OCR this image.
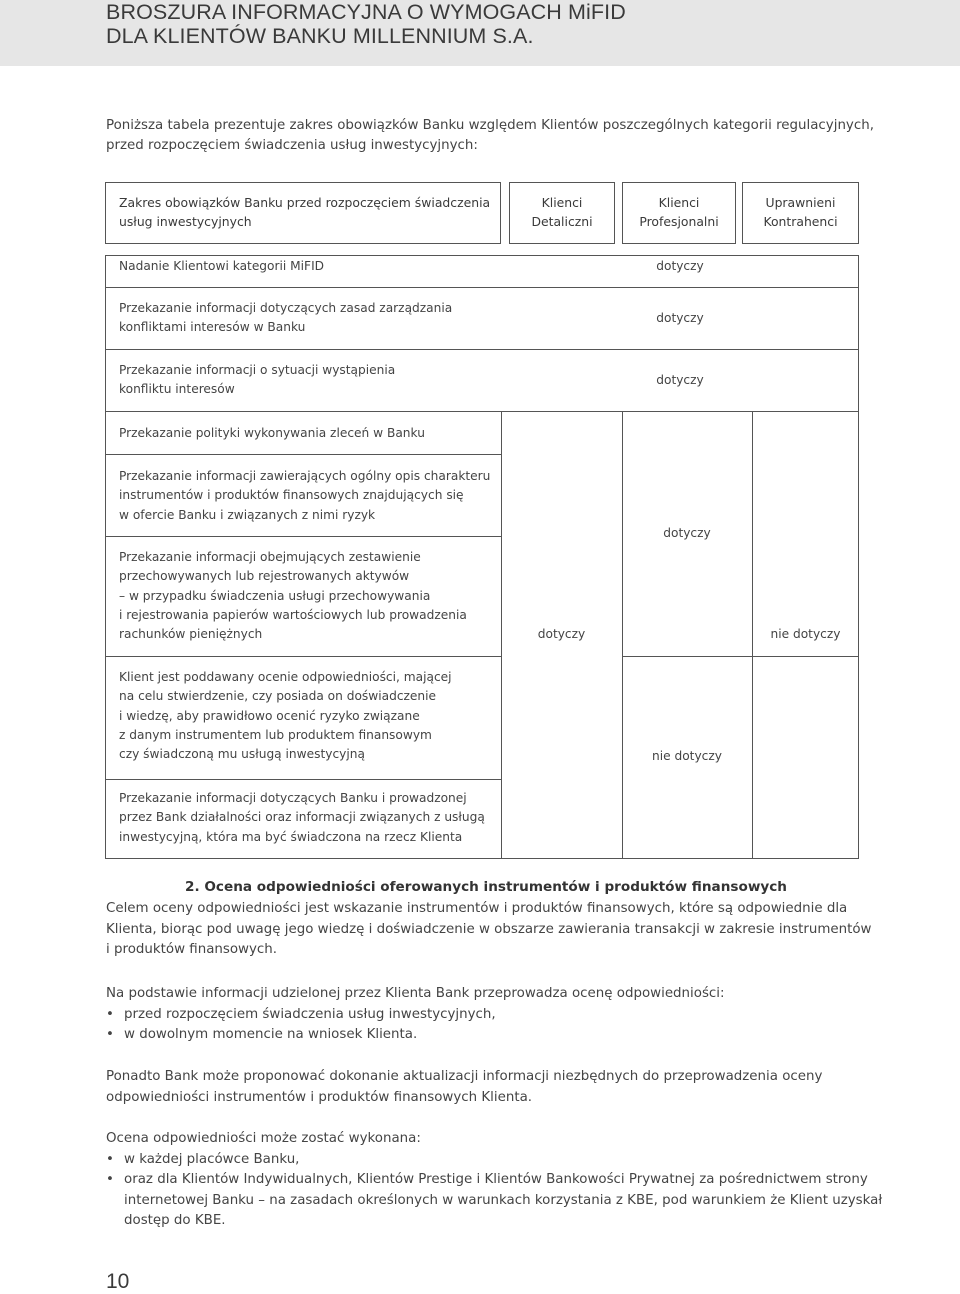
BROSZURA INFORMACYJNA O WYMOGACH MiFID
DLA KLIENTÓW BANKU MILLENNIUM S.A.
Poniższa tabela prezentuje zakres obowiązków Banku względem Klientów poszczególnych kategorii regulacyjnych,
przed rozpoczęciem świadczenia usług inwestycyjnych:
Zakres obowiązków Banku przed rozpoczęciem świadczenia
usług inwestycyjnych
Klienci
Detaliczni
Klienci
Profesjonalni
Uprawnieni
Kontrahenci
Nadanie Klientowi kategorii MiFID	dotyczy
Przekazanie informacji dotyczących zasad zarządzania
konfliktami interesów w Banku
dotyczy
Przekazanie informacji o sytuacji wystąpienia
konfliktu interesów
dotyczy
Przekazanie polityki wykonywania zleceń w Banku
Przekazanie informacji zawierających ogólny opis charakteru
instrumentów i produktów finansowych znajdujących się
w ofercie Banku i związanych z nimi ryzyk
Przekazanie informacji obejmujących zestawienie
przechowywanych lub rejestrowanych aktywów
– w przypadku świadczenia usługi przechowywania
i rejestrowania papierów wartościowych lub prowadzenia
rachunków pieniężnych
Klient jest poddawany ocenie odpowiedniości, mającej
na celu stwierdzenie, czy posiada on doświadczenie
i wiedzę, aby prawidłowo ocenić ryzyko związane
z danym instrumentem lub produktem finansowym
czy świadczoną mu usługą inwestycyjną
Przekazanie informacji dotyczących Banku i prowadzonej
przez Bank działalności oraz informacji związanych z usługą
inwestycyjną, która ma być świadczona na rzecz Klienta
dotyczy
dotyczy
nie dotyczy
nie dotyczy
2. Ocena odpowiedniości oferowanych instrumentów i produktów finansowych
Celem oceny odpowiedniości jest wskazanie instrumentów i produktów finansowych, które są odpowiednie dla
Klienta, biorąc pod uwagę jego wiedzę i doświadczenie w obszarze zawierania transakcji w zakresie instrumentów
i produktów finansowych.
Na podstawie informacji udzielonej przez Klienta Bank przeprowadza ocenę odpowiedniości:
• przed rozpoczęciem świadczenia usług inwestycyjnych,
• w dowolnym momencie na wniosek Klienta.
Ponadto Bank może proponować dokonanie aktualizacji informacji niezbędnych do przeprowadzenia oceny
odpowiedniości instrumentów i produktów finansowych Klienta.
Ocena odpowiedniości może zostać wykonana:
• w każdej placówce Banku,
• oraz dla Klientów Indywidualnych, Klientów Prestige i Klientów Bankowości Prywatnej za pośrednictwem strony
internetowej Banku – na zasadach określonych w warunkach korzystania z KBE, pod warunkiem że Klient uzyskał
dostęp do KBE.
10
